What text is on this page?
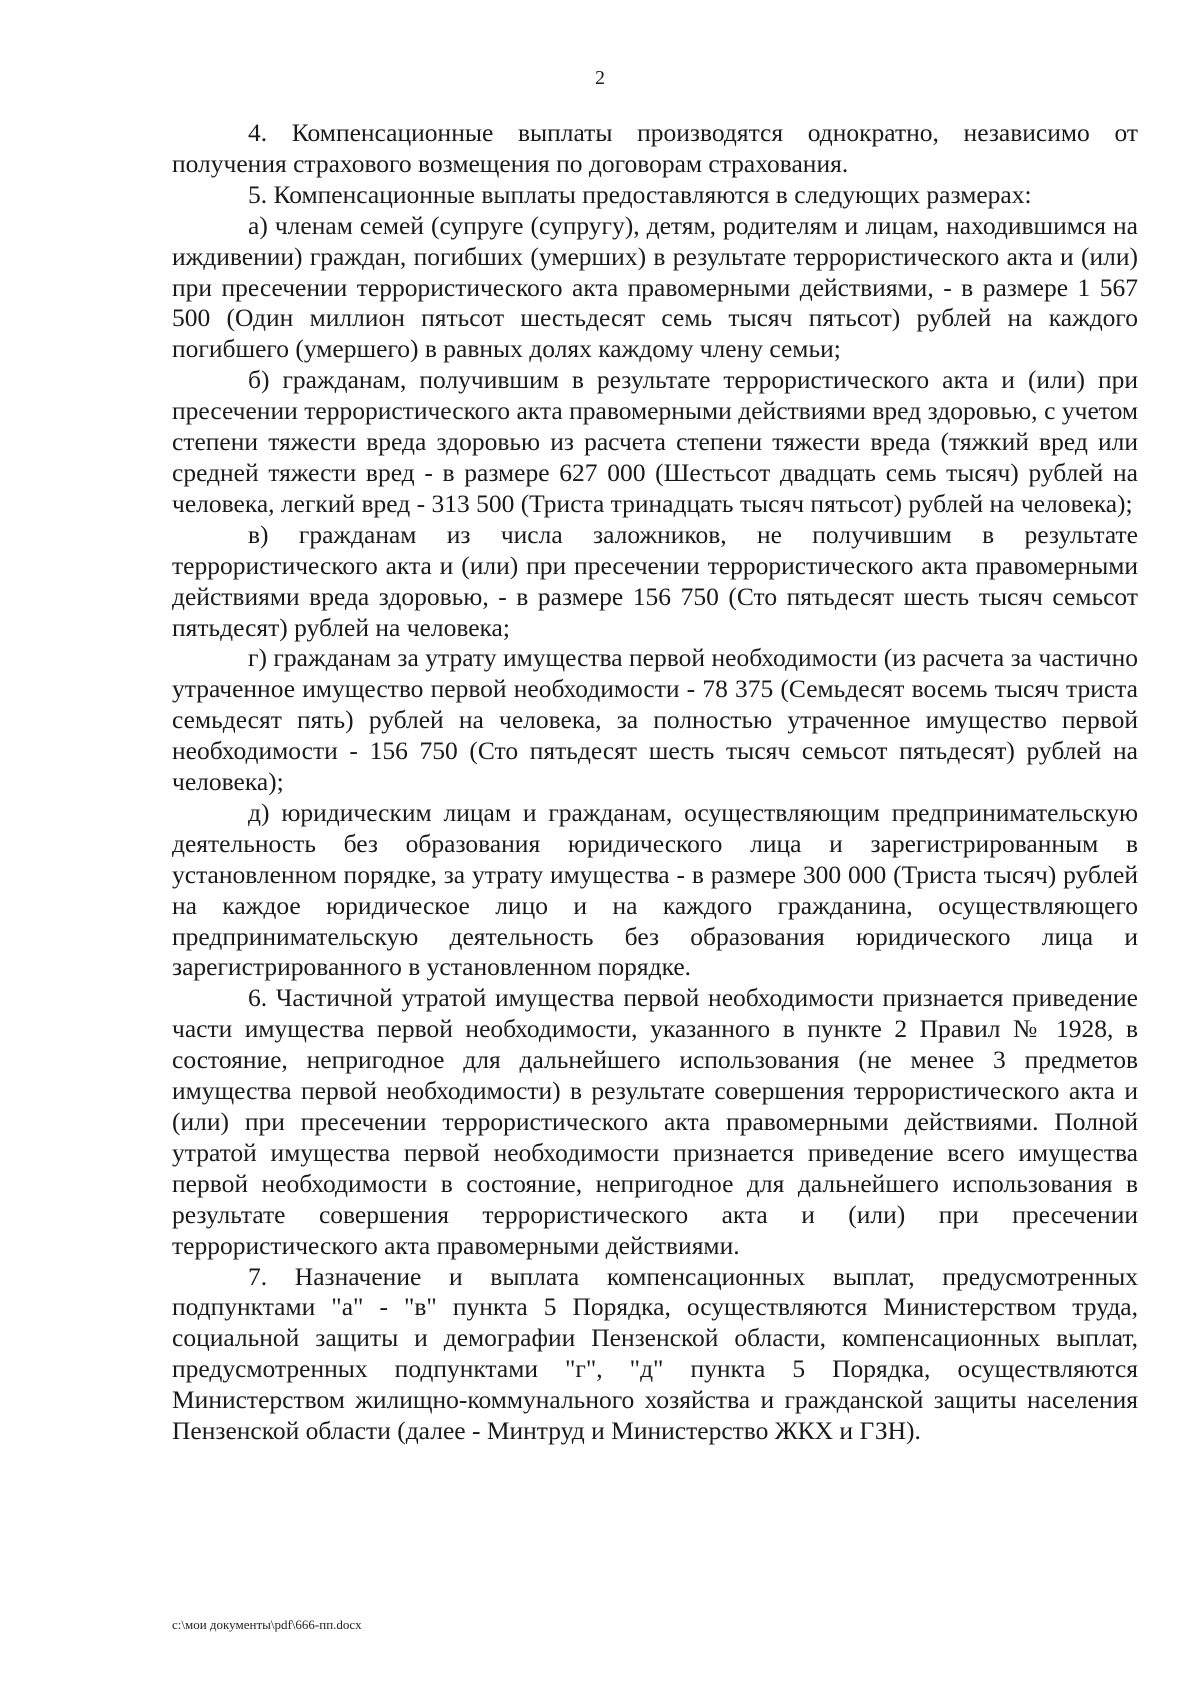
2

4. Компенсационные выплаты производятся однократно, независимо от получения страхового возмещения по договорам страхования.

5. Компенсационные выплаты предоставляются в следующих размерах:

а) членам семей (супруге (супругу), детям, родителям и лицам, находившимся на иждивении) граждан, погибших (умерших) в результате террористического акта и (или) при пресечении террористического акта правомерными действиями, - в размере 1 567 500 (Один миллион пятьсот шестьдесят семь тысяч пятьсот) рублей на каждого погибшего (умершего) в равных долях каждому члену семьи;

б) гражданам, получившим в результате террористического акта и (или) при пресечении террористического акта правомерными действиями вред здоровью, с учетом степени тяжести вреда здоровью из расчета степени тяжести вреда (тяжкий вред или средней тяжести вред - в размере 627 000 (Шестьсот двадцать семь тысяч) рублей на человека, легкий вред - 313 500 (Триста тринадцать тысяч пятьсот) рублей на человека);

в) гражданам из числа заложников, не получившим в результате террористического акта и (или) при пресечении террористического акта правомерными действиями вреда здоровью, - в размере 156 750 (Сто пятьдесят шесть тысяч семьсот пятьдесят) рублей на человека;

г) гражданам за утрату имущества первой необходимости (из расчета за частично утраченное имущество первой необходимости - 78 375 (Семьдесят восемь тысяч триста семьдесят пять) рублей на человека, за полностью утраченное имущество первой необходимости - 156 750 (Сто пятьдесят шесть тысяч семьсот пятьдесят) рублей на человека);

д) юридическим лицам и гражданам, осуществляющим предпринимательскую деятельность без образования юридического лица и зарегистрированным в установленном порядке, за утрату имущества - в размере 300 000 (Триста тысяч) рублей на каждое юридическое лицо и на каждого гражданина, осуществляющего предпринимательскую деятельность без образования юридического лица и зарегистрированного в установленном порядке.

6. Частичной утратой имущества первой необходимости признается приведение части имущества первой необходимости, указанного в пункте 2 Правил № 1928, в состояние, непригодное для дальнейшего использования (не менее 3 предметов имущества первой необходимости) в результате совершения террористического акта и (или) при пресечении террористического акта правомерными действиями. Полной утратой имущества первой необходимости признается приведение всего имущества первой необходимости в состояние, непригодное для дальнейшего использования в результате совершения террористического акта и (или) при пресечении террористического акта правомерными действиями.

7. Назначение и выплата компенсационных выплат, предусмотренных подпунктами "а" - "в" пункта 5 Порядка, осуществляются Министерством труда, социальной защиты и демографии Пензенской области, компенсационных выплат, предусмотренных подпунктами "г", "д" пункта 5 Порядка, осуществляются Министерством жилищно-коммунального хозяйства и гражданской защиты населения Пензенской области (далее - Минтруд и Министерство ЖКХ и ГЗН).

c:\мои документы\pdf\666-пп.docx
